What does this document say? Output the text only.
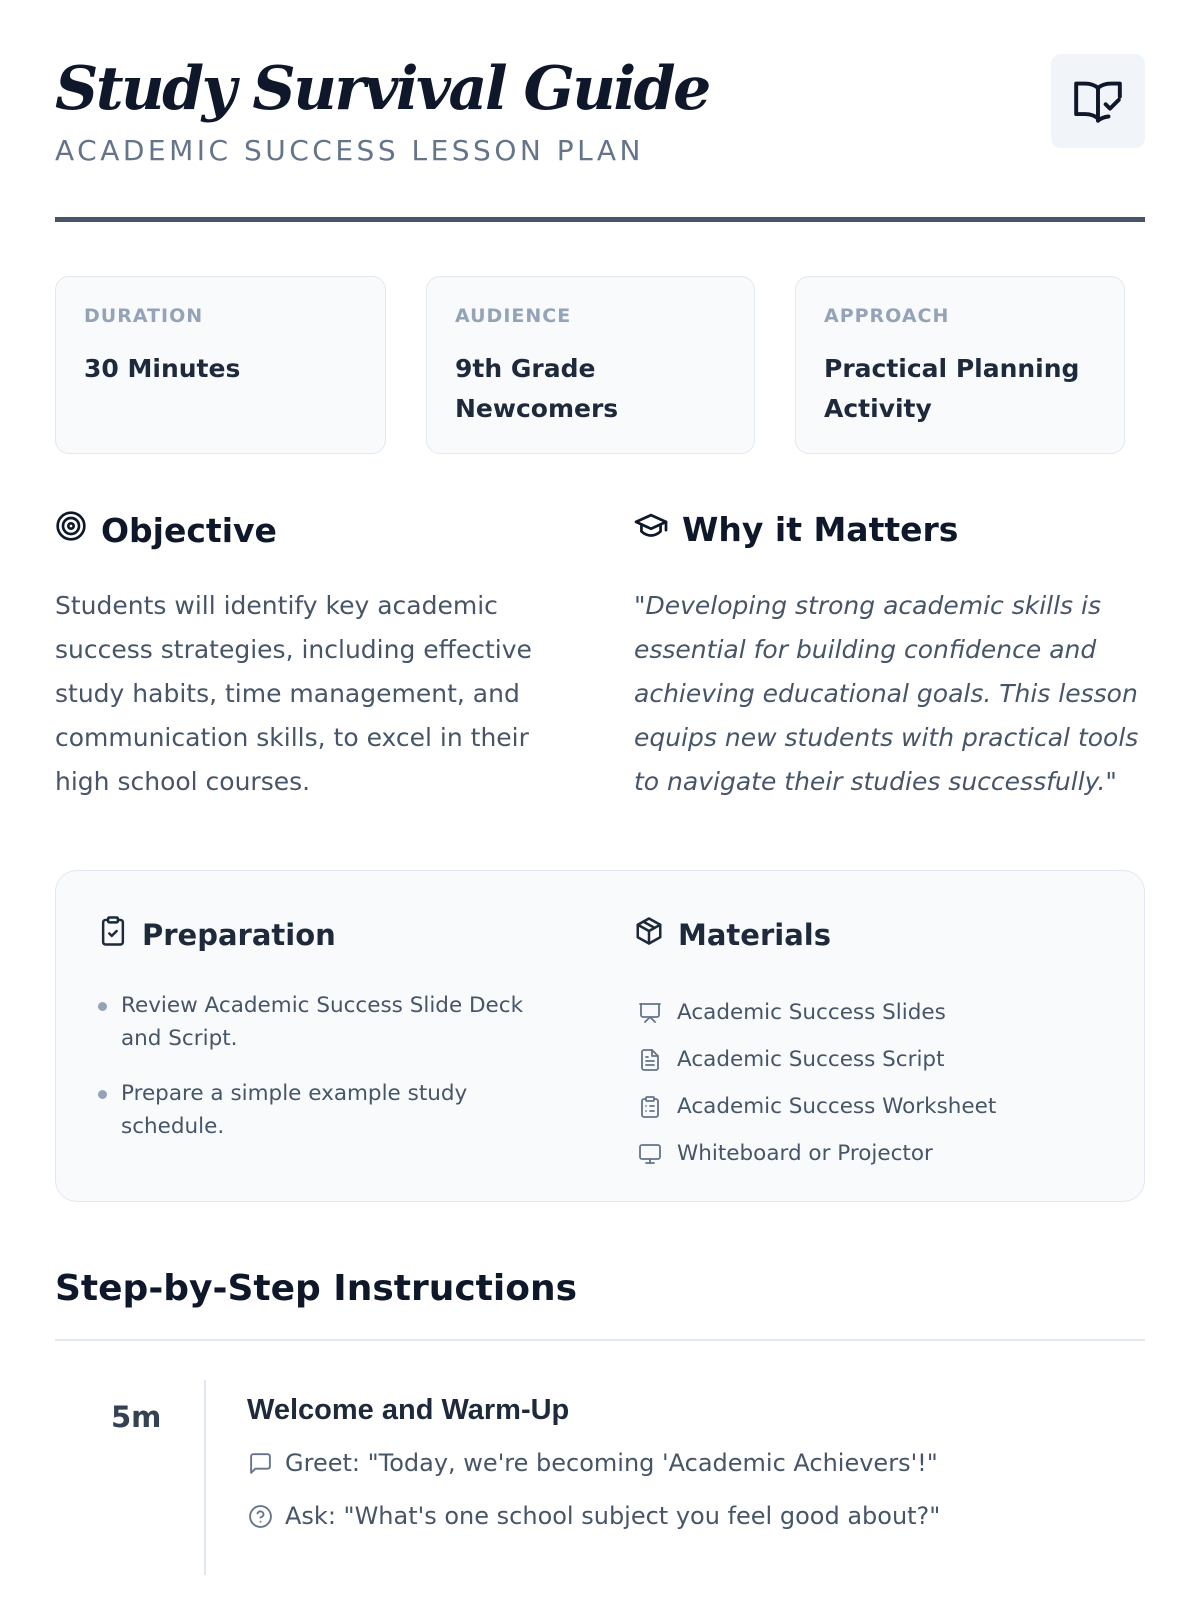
Study Survival Guide
ACADEMIC SUCCESS LESSON PLAN
DURATION
30 Minutes
AUDIENCE
9th Grade Newcomers
APPROACH
Practical Planning Activity
Objective
Students will identify key academic success strategies, including effective study habits, time management, and communication skills, to excel in their high school courses.
Why it Matters
"Developing strong academic skills is essential for building confidence and achieving educational goals. This lesson equips new students with practical tools to navigate their studies successfully."
Preparation
Review Academic Success Slide Deck and Script.
Prepare a simple example study schedule.
Materials
Academic Success Slides
Academic Success Script
Academic Success Worksheet
Whiteboard or Projector
Step-by-Step Instructions
5m	Welcome and Warm-Up
Greet: "Today, we're becoming 'Academic Achievers'!"
Ask: "What's one school subject you feel good about?"
